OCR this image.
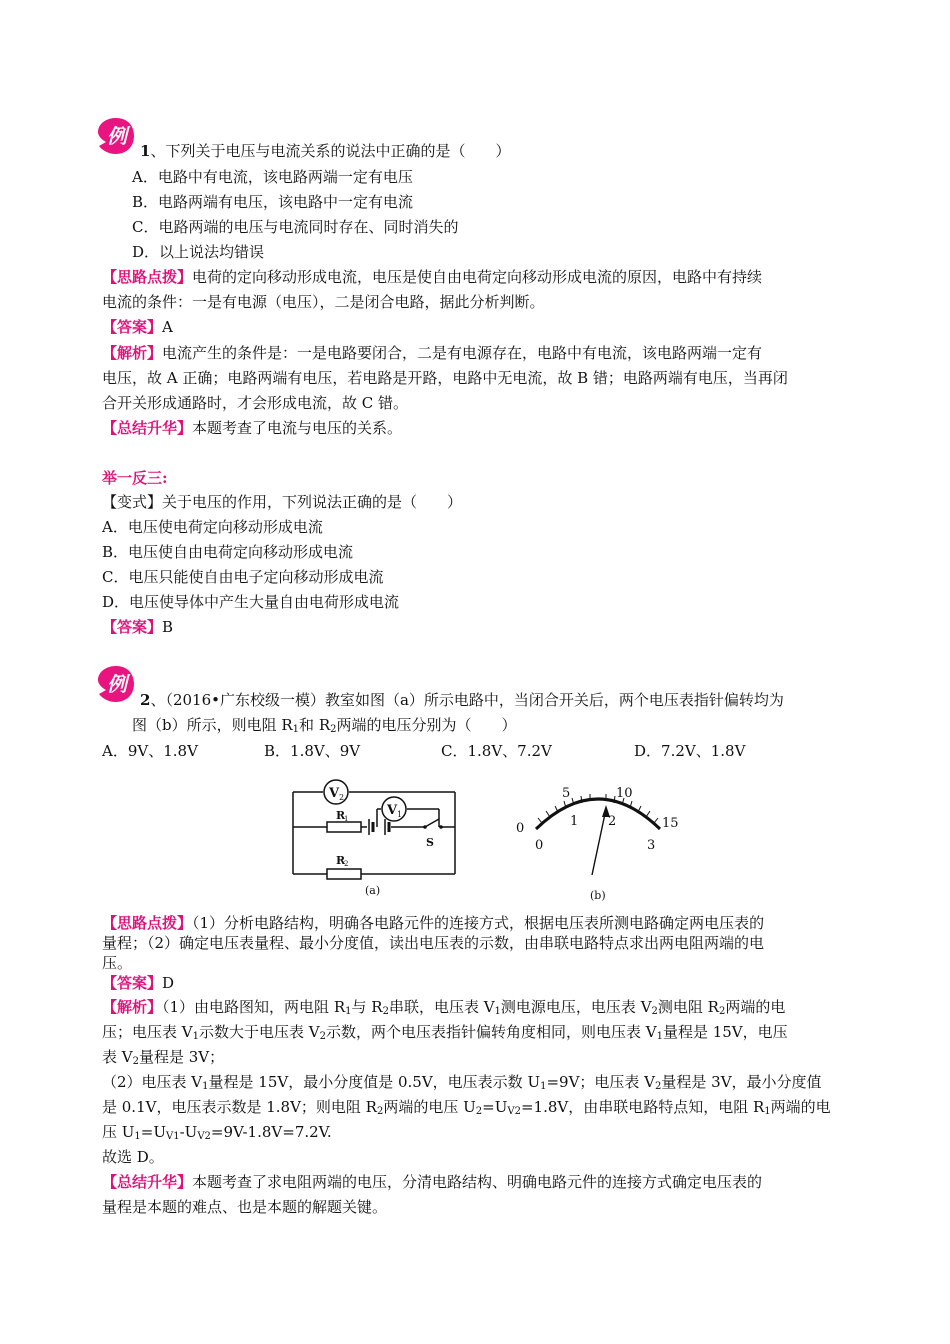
例
1、下列关于电压与电流关系的说法中正确的是（　　）
A．电路中有电流，该电路两端一定有电压
B．电路两端有电压，该电路中一定有电流
C．电路两端的电压与电流同时存在、同时消失的
D．以上说法均错误
【思路点拨】电荷的定向移动形成电流，电压是使自由电荷定向移动形成电流的原因，电路中有持续
电流的条件：一是有电源（电压），二是闭合电路，据此分析判断。
【答案】A
【解析】电流产生的条件是：一是电路要闭合，二是有电源存在，电路中有电流，该电路两端一定有
电压，故 A 正确；电路两端有电压，若电路是开路，电路中无电流，故 B 错；电路两端有电压，当再闭
合开关形成通路时，才会形成电流，故 C 错。
【总结升华】本题考查了电流与电压的关系。
举一反三:
【变式】关于电压的作用，下列说法正确的是（　　）
A．电压使电荷定向移动形成电流
B．电压使自由电荷定向移动形成电流
C．电压只能使自由电子定向移动形成电流
D．电压使导体中产生大量自由电荷形成电流
【答案】B
例
2、（2016•广东校级一模）教室如图（a）所示电路中，当闭合开关后，两个电压表指针偏转均为
图（b）所示，则电阻 $R_1$和 $R_2$两端的电压分别为（　　）
A．9V、1.8V	B．1.8V、9V	C．1.8V、7.2V	D．7.2V、1.8V
V 2
V 1
R
1
R
2
S
(a)
0
5	10
15
0
1 2
3
(b)
【思路点拨】（1）分析电路结构，明确各电路元件的连接方式，根据电压表所测电路确定两电压表的
量程；（2）确定电压表量程、最小分度值，读出电压表的示数，由串联电路特点求出两电阻两端的电
压。
【答案】D
【解析】（1）由电路图知，两电阻 $R_1$与 $R_2$串联，电压表 $V_1$测电源电压，电压表 $V_2$测电阻 $R_2$两端的电
压；电压表 $V_1$示数大于电压表 $V_2$示数，两个电压表指针偏转角度相同，则电压表 $V_1$量程是 15V，电压
表 $V_2$量程是 3V；
（2）电压表 $V_1$量程是 15V，最小分度值是 0.5V，电压表示数 $U_1=9V$；电压表 $V_2$量程是 3V，最小分度值
是 0.1V，电压表示数是 1.8V；则电阻 $R_2$两端的电压 $U_2=U_{V2}=1.8V$，由串联电路特点知，电阻 $R_1$两端的电
压 $U_1=U_{V1}-U_{V2}=9V-1.8V=7.2V$.
故选 D。
【总结升华】本题考查了求电阻两端的电压，分清电路结构、明确电路元件的连接方式确定电压表的
量程是本题的难点、也是本题的解题关键。
